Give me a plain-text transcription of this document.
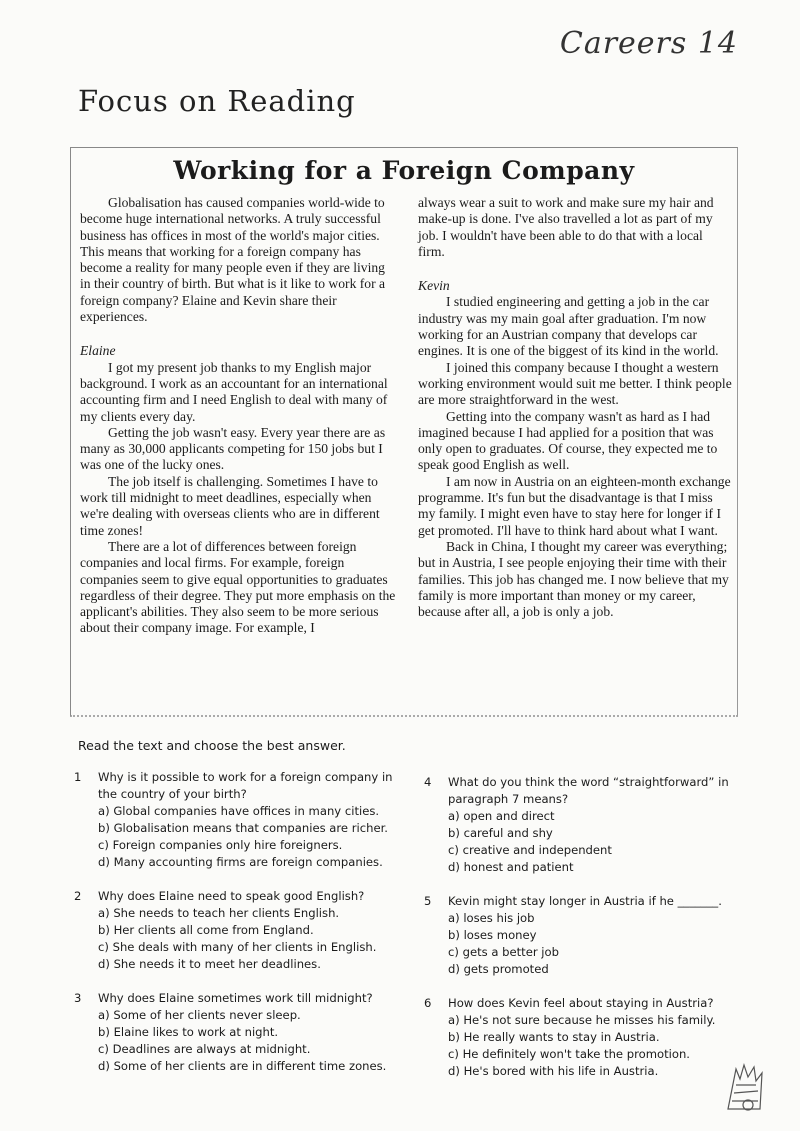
Careers 14
Focus on Reading
Working for a Foreign Company

Globalisation has caused companies world-wide to become huge international networks. A truly successful business has offices in most of the world's major cities. This means that working for a foreign company has become a reality for many people even if they are living in their country of birth. But what is it like to work for a foreign company? Elaine and Kevin share their experiences.

Elaine

I got my present job thanks to my English major background. I work as an accountant for an international accounting firm and I need English to deal with many of my clients every day.

Getting the job wasn't easy. Every year there are as many as 30,000 applicants competing for 150 jobs but I was one of the lucky ones.

The job itself is challenging. Sometimes I have to work till midnight to meet deadlines, especially when we're dealing with overseas clients who are in different time zones!

There are a lot of differences between foreign companies and local firms. For example, foreign companies seem to give equal opportunities to graduates regardless of their degree. They put more emphasis on the applicant's abilities. They also seem to be more serious about their company image. For example, I

always wear a suit to work and make sure my hair and make-up is done. I've also travelled a lot as part of my job. I wouldn't have been able to do that with a local firm.

Kevin

I studied engineering and getting a job in the car industry was my main goal after graduation. I'm now working for an Austrian company that develops car engines. It is one of the biggest of its kind in the world.

I joined this company because I thought a western working environment would suit me better. I think people are more straightforward in the west.

Getting into the company wasn't as hard as I had imagined because I had applied for a position that was only open to graduates. Of course, they expected me to speak good English as well.

I am now in Austria on an eighteen-month exchange programme. It's fun but the disadvantage is that I miss my family. I might even have to stay here for longer if I get promoted. I'll have to think hard about what I want.

Back in China, I thought my career was everything; but in Austria, I see people enjoying their time with their families. This job has changed me. I now believe that my family is more important than money or my career, because after all, a job is only a job.

Read the text and choose the best answer.
1 Why is it possible to work for a foreign company in the country of your birth?
a) Global companies have offices in many cities.
b) Globalisation means that companies are richer.
c) Foreign companies only hire foreigners.
d) Many accounting firms are foreign companies.
2 Why does Elaine need to speak good English?
a) She needs to teach her clients English.
b) Her clients all come from England.
c) She deals with many of her clients in English.
d) She needs it to meet her deadlines.
3 Why does Elaine sometimes work till midnight?
a) Some of her clients never sleep.
b) Elaine likes to work at night.
c) Deadlines are always at midnight.
d) Some of her clients are in different time zones.
4 What do you think the word “straightforward” in paragraph 7 means?
a) open and direct
b) careful and shy
c) creative and independent
d) honest and patient
5 Kevin might stay longer in Austria if he _______.
a) loses his job
b) loses money
c) gets a better job
d) gets promoted
6 How does Kevin feel about staying in Austria?
a) He's not sure because he misses his family.
b) He really wants to stay in Austria.
c) He definitely won't take the promotion.
d) He's bored with his life in Austria.
